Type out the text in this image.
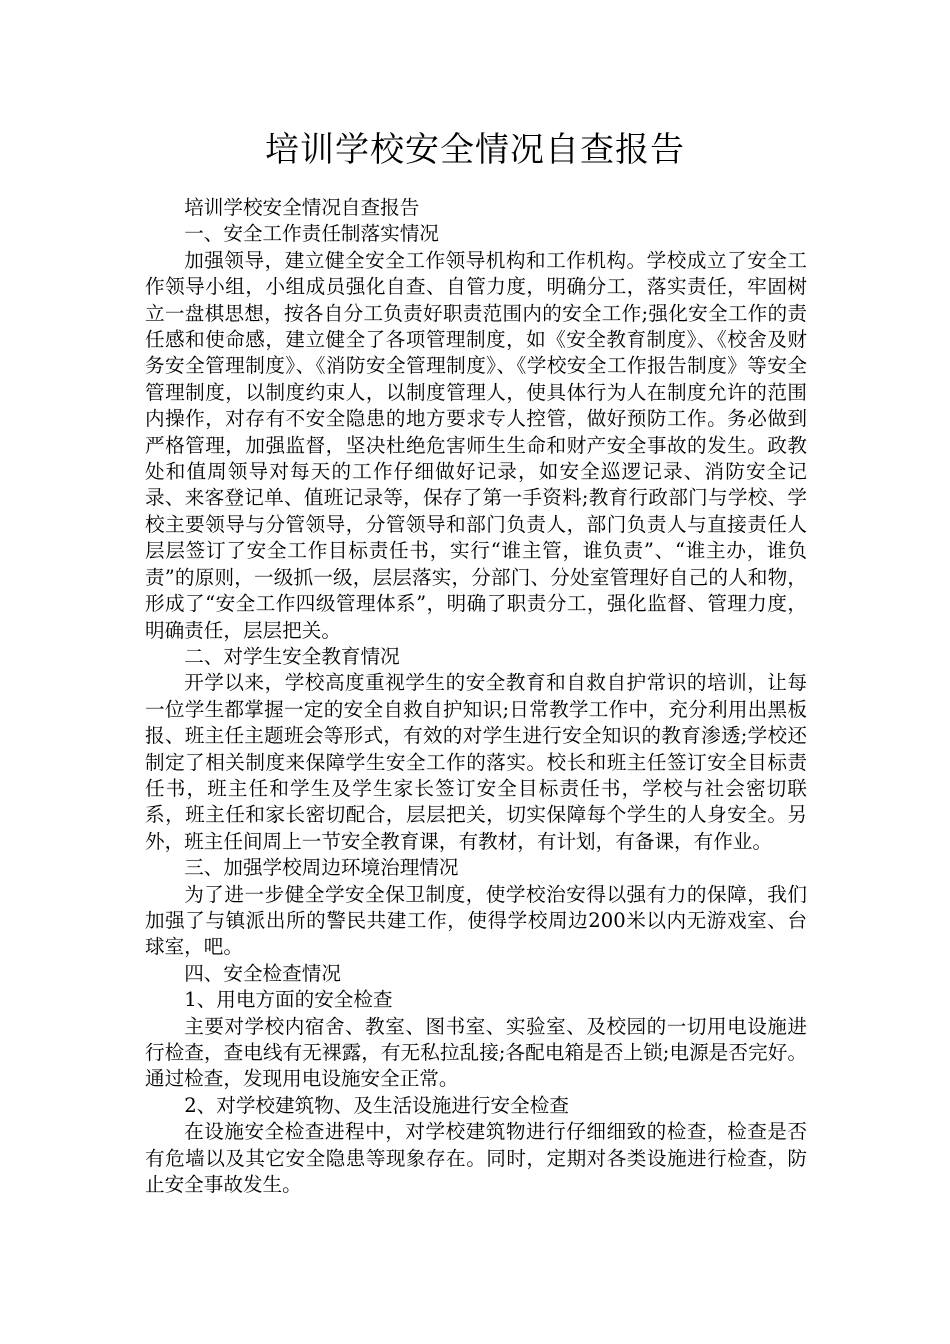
培训学校安全情况自查报告

培训学校安全情况自查报告

一、安全工作责任制落实情况

加强领导，建立健全安全工作领导机构和工作机构。学校成立了安全工作领导小组，小组成员强化自查、自管力度，明确分工，落实责任，牢固树立一盘棋思想，按各自分工负责好职责范围内的安全工作;强化安全工作的责任感和使命感，建立健全了各项管理制度，如《安全教育制度》、《校舍及财务安全管理制度》、《消防安全管理制度》、《学校安全工作报告制度》等安全管理制度，以制度约束人，以制度管理人，使具体行为人在制度允许的范围内操作，对存有不安全隐患的地方要求专人控管，做好预防工作。务必做到严格管理，加强监督，坚决杜绝危害师生生命和财产安全事故的发生。政教处和值周领导对每天的工作仔细做好记录，如安全巡逻记录、消防安全记录、来客登记单、值班记录等，保存了第一手资料;教育行政部门与学校、学校主要领导与分管领导，分管领导和部门负责人，部门负责人与直接责任人层层签订了安全工作目标责任书，实行“谁主管，谁负责”、“谁主办，谁负责”的原则，一级抓一级，层层落实，分部门、分处室管理好自己的人和物，形成了“安全工作四级管理体系”，明确了职责分工，强化监督、管理力度，明确责任，层层把关。

二、对学生安全教育情况

开学以来，学校高度重视学生的安全教育和自救自护常识的培训，让每一位学生都掌握一定的安全自救自护知识;日常教学工作中，充分利用出黑板报、班主任主题班会等形式，有效的对学生进行安全知识的教育渗透;学校还制定了相关制度来保障学生安全工作的落实。校长和班主任签订安全目标责任书，班主任和学生及学生家长签订安全目标责任书，学校与社会密切联系，班主任和家长密切配合，层层把关，切实保障每个学生的人身安全。另外，班主任间周上一节安全教育课，有教材，有计划，有备课，有作业。

三、加强学校周边环境治理情况

为了进一步健全学安全保卫制度，使学校治安得以强有力的保障，我们加强了与镇派出所的警民共建工作，使得学校周边200米以内无游戏室、台球室，吧。

四、安全检查情况

1、用电方面的安全检查

主要对学校内宿舍、教室、图书室、实验室、及校园的一切用电设施进行检查，查电线有无裸露，有无私拉乱接;各配电箱是否上锁;电源是否完好。通过检查，发现用电设施安全正常。

2、对学校建筑物、及生活设施进行安全检查

在设施安全检查进程中，对学校建筑物进行仔细细致的检查，检查是否有危墙以及其它安全隐患等现象存在。同时，定期对各类设施进行检查，防止安全事故发生。
